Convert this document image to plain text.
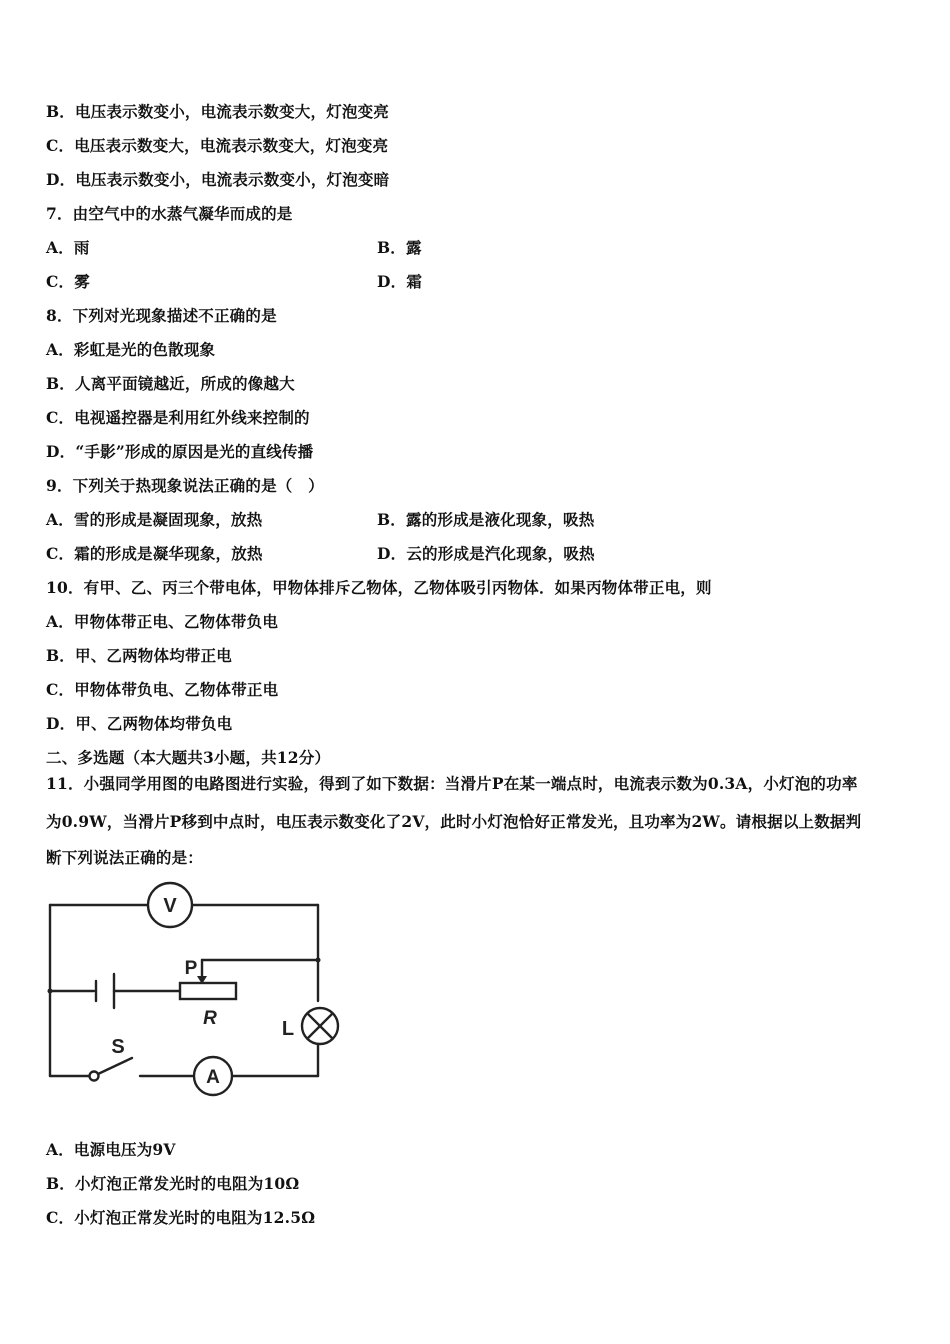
B．电压表示数变小，电流表示数变大，灯泡变亮
C．电压表示数变大，电流表示数变大，灯泡变亮
D．电压表示数变小，电流表示数变小，灯泡变暗
7．由空气中的水蒸气凝华而成的是
A．雨	B．露
C．雾	D．霜
8．下列对光现象描述不正确的是
A．彩虹是光的色散现象
B．人离平面镜越近，所成的像越大
C．电视遥控器是利用红外线来控制的
D．“手影”形成的原因是光的直线传播
9．下列关于热现象说法正确的是（　）
A．雪的形成是凝固现象，放热	B．露的形成是液化现象，吸热
C．霜的形成是凝华现象，放热	D．云的形成是汽化现象，吸热
10．有甲、乙、丙三个带电体，甲物体排斥乙物体，乙物体吸引丙物体．如果丙物体带正电，则
A．甲物体带正电、乙物体带负电
B．甲、乙两物体均带正电
C．甲物体带负电、乙物体带正电
D．甲、乙两物体均带负电
二、多选题（本大题共3小题，共12分）
11．小强同学用图的电路图进行实验，得到了如下数据：当滑片P在某一端点时，电流表示数为0.3A，小灯泡的功率
为0.9W，当滑片P移到中点时，电压表示数变化了2V，此时小灯泡恰好正常发光，且功率为2W。请根据以上数据判
断下列说法正确的是：
V
A
P
R	L
S
A．电源电压为9V
B．小灯泡正常发光时的电阻为10Ω
C．小灯泡正常发光时的电阻为12.5Ω
